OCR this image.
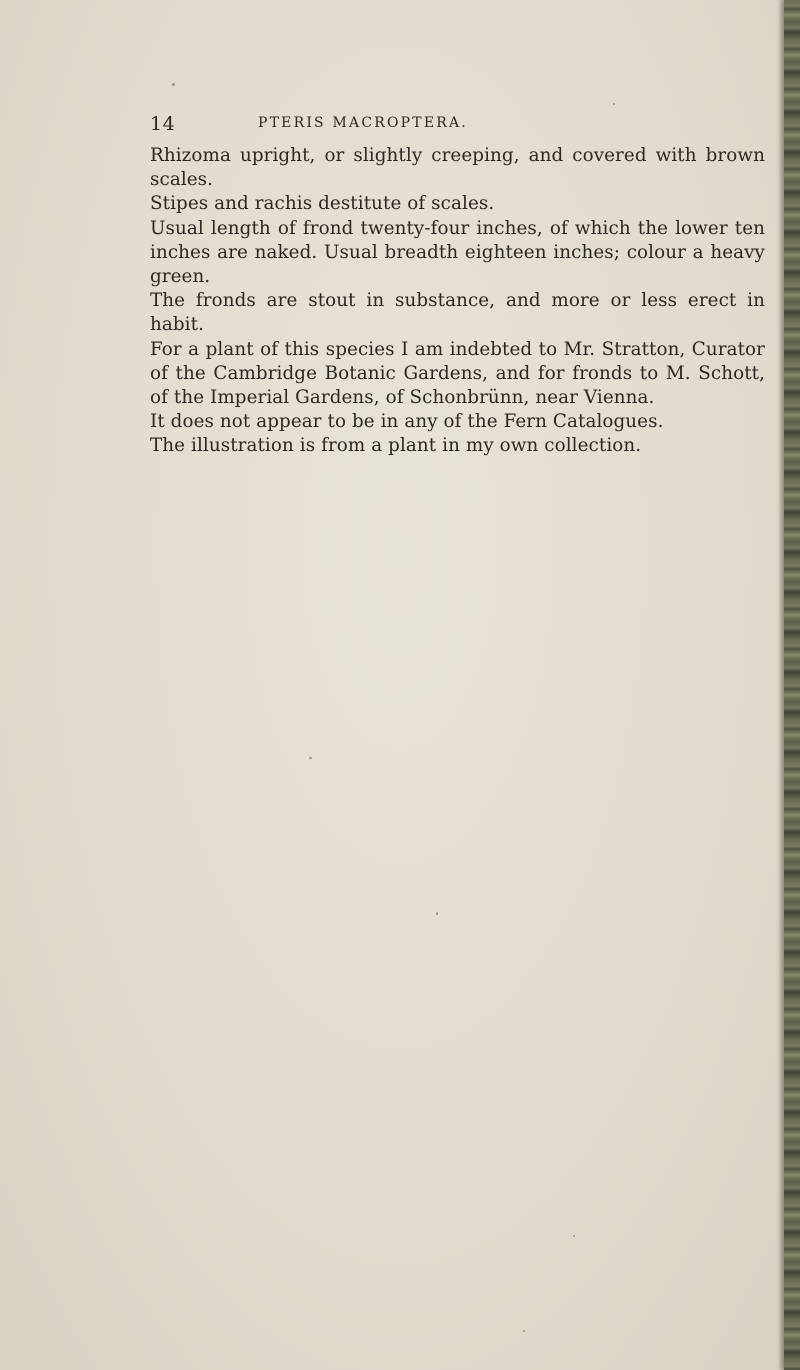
14	PTERIS MACROPTERA.

Rhizoma upright, or slightly creeping, and covered with brown scales.

Stipes and rachis destitute of scales.

Usual length of frond twenty-four inches, of which the lower ten inches are naked. Usual breadth eighteen inches; colour a heavy green.

The fronds are stout in substance, and more or less erect in habit.

For a plant of this species I am indebted to Mr. Stratton, Curator of the Cambridge Botanic Gardens, and for fronds to M. Schott, of the Imperial Gardens, of Schonbrünn, near Vienna.

It does not appear to be in any of the Fern Catalogues.

The illustration is from a plant in my own collection.
